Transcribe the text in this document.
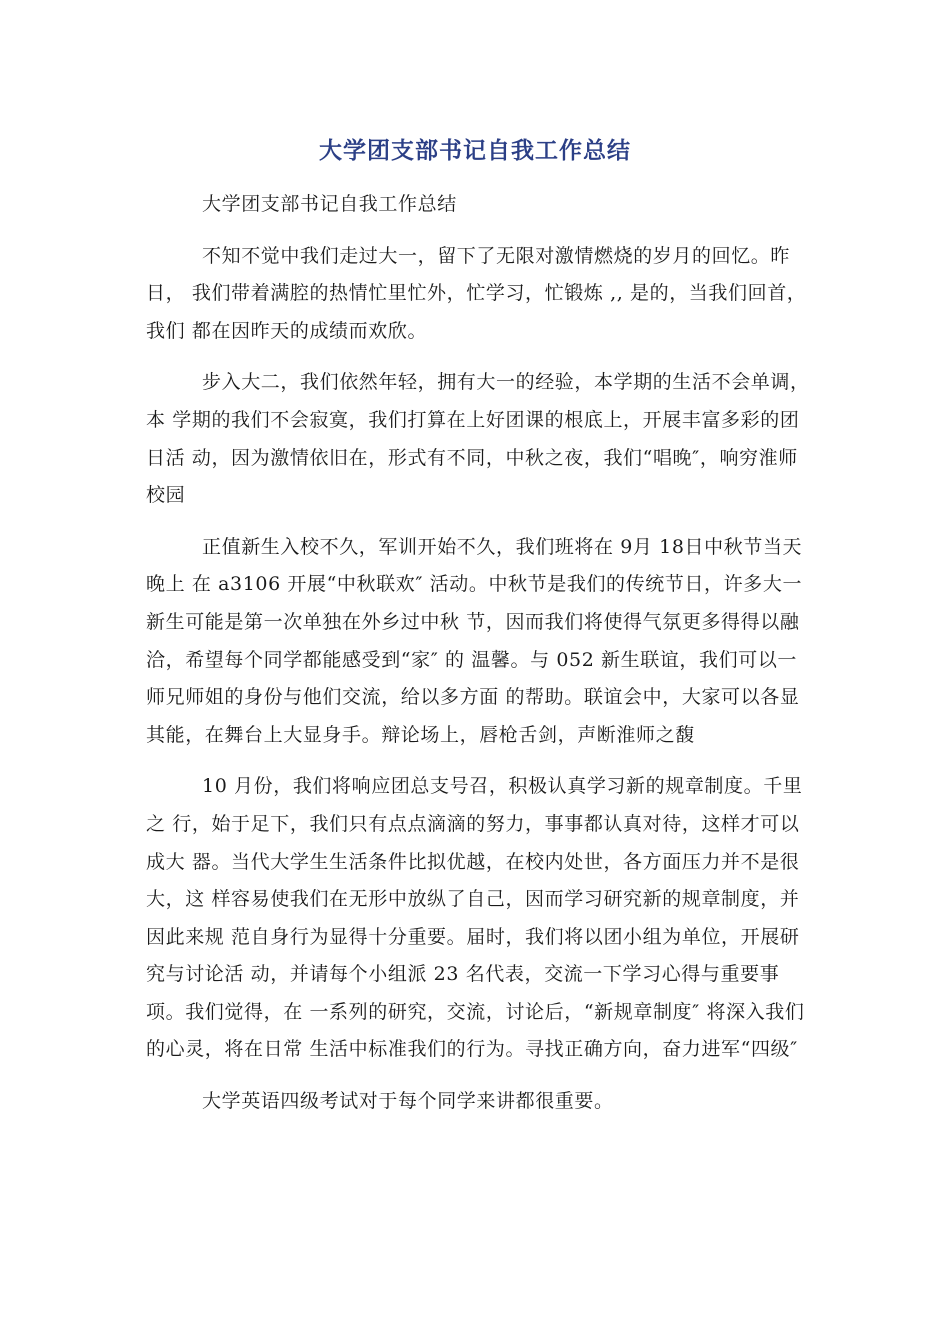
大学团支部书记自我工作总结

大学团支部书记自我工作总结

不知不觉中我们走过大一，留下了无限对激情燃烧的岁月的回忆。昨日， 我们带着满腔的热情忙里忙外，忙学习，忙锻炼 ,, 是的，当我们回首，我们 都在因昨天的成绩而欢欣。

步入大二，我们依然年轻，拥有大一的经验，本学期的生活不会单调，本 学期的我们不会寂寞，我们打算在上好团课的根底上，开展丰富多彩的团日活 动，因为激情依旧在，形式有不同，中秋之夜，我们“唱晚″，响穷淮师校园

正值新生入校不久，军训开始不久，我们班将在 9月 18日中秋节当天晚上 在 a3106 开展“中秋联欢″ 活动。中秋节是我们的传统节日，许多大一新生可能是第一次单独在外乡过中秋 节，因而我们将使得气氛更多得得以融洽，希望每个同学都能感受到“家″ 的 温馨。与 052 新生联谊，我们可以一师兄师姐的身份与他们交流，给以多方面 的帮助。联谊会中，大家可以各显其能，在舞台上大显身手。辩论场上，唇枪舌剑，声断淮师之馥

10 月份，我们将响应团总支号召，积极认真学习新的规章制度。千里之 行，始于足下，我们只有点点滴滴的努力，事事都认真对待，这样才可以成大 器。当代大学生生活条件比拟优越，在校内处世，各方面压力并不是很大，这 样容易使我们在无形中放纵了自己，因而学习研究新的规章制度，并因此来规 范自身行为显得十分重要。届时，我们将以团小组为单位，开展研究与讨论活 动，并请每个小组派 23 名代表，交流一下学习心得与重要事项。我们觉得，在 一系列的研究，交流，讨论后，“新规章制度″ 将深入我们的心灵，将在日常 生活中标准我们的行为。寻找正确方向，奋力进军“四级″

大学英语四级考试对于每个同学来讲都很重要。
